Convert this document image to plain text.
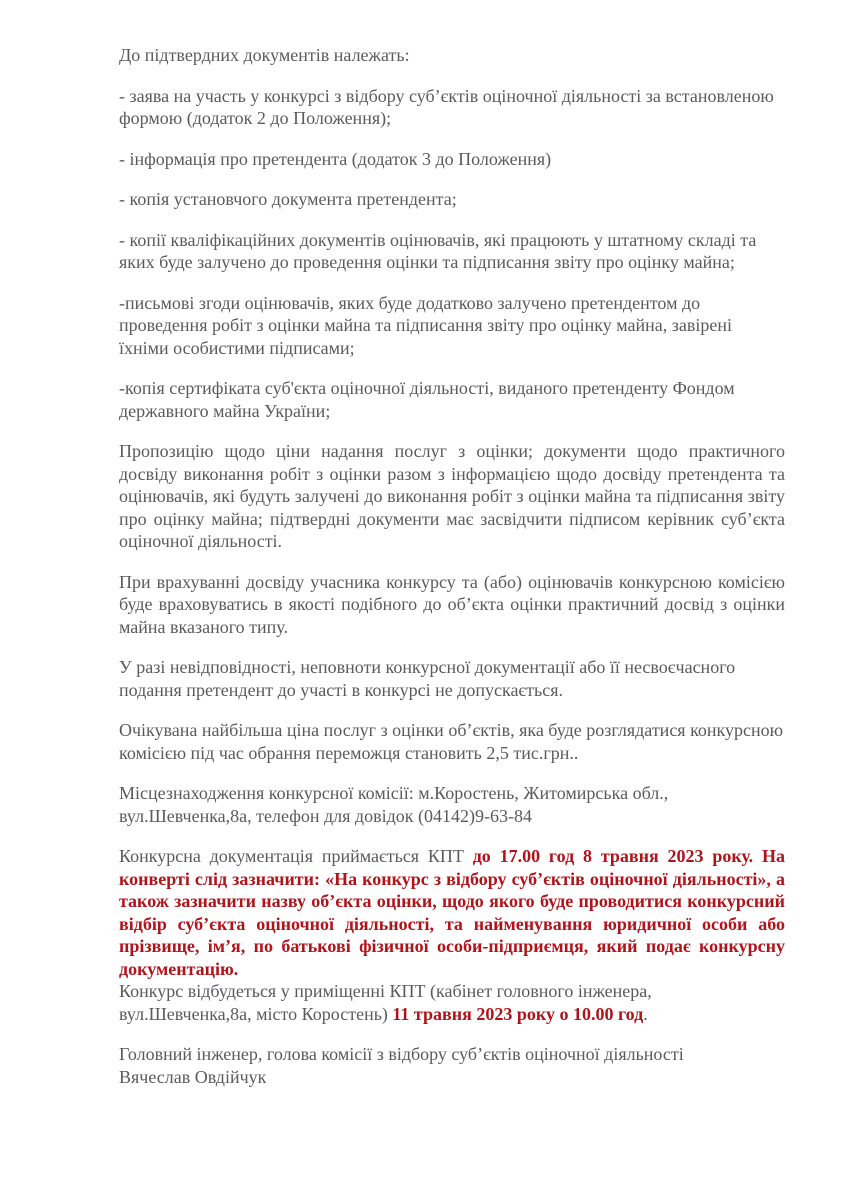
До підтвердних документів належать:

- заява на участь у конкурсі з відбору суб’єктів оціночної діяльності за встановленою формою (додаток 2 до Положення);

- інформація про претендента (додаток 3 до Положення)

- копія установчого документа претендента;

- копії кваліфікаційних документів оцінювачів, які працюють у штатному складі та яких буде залучено до проведення оцінки та підписання звіту про оцінку майна;

-письмові згоди оцінювачів, яких буде додатково залучено претендентом до проведення робіт з оцінки майна та підписання звіту про оцінку майна, завірені їхніми особистими підписами;

-копія сертифіката суб'єкта оціночної діяльності, виданого претенденту Фондом державного майна України;

Пропозицію щодо ціни надання послуг з оцінки; документи щодо практичного досвіду виконання робіт з оцінки разом з інформацією щодо досвіду претендента та оцінювачів, які будуть залучені до виконання робіт з оцінки майна та підписання звіту про оцінку майна; підтвердні документи має засвідчити підписом керівник суб’єкта оціночної діяльності.

При врахуванні досвіду учасника конкурсу та (або) оцінювачів конкурсною комісією буде враховуватись в якості подібного до об’єкта оцінки практичний досвід з оцінки майна вказаного типу.

У разі невідповідності, неповноти конкурсної документації або її несвоєчасного подання претендент до участі в конкурсі не допускається.

Очікувана найбільша ціна послуг з оцінки об’єктів, яка буде розглядатися конкурсною комісією під час обрання переможця становить 2,5 тис.грн..

Місцезнаходження конкурсної комісії: м.Коростень, Житомирська обл., вул.Шевченка,8а, телефон для довідок (04142)9-63-84

Конкурсна документація приймається КПТ до 17.00 год 8 травня 2023 року. На конверті слід зазначити: «На конкурс з відбору суб’єктів оціночної діяльності», а також зазначити назву об’єкта оцінки, щодо якого буде проводитися конкурсний відбір суб’єкта оціночної діяльності, та найменування юридичної особи або прізвище, ім’я, по батькові фізичної особи-підприємця, який подає конкурсну документацію.

Конкурс відбудеться у приміщенні КПТ (кабінет головного інженера, вул.Шевченка,8а, місто Коростень) 11 травня 2023 року о 10.00 год.

Головний інженер, голова комісії з відбору суб’єктів оціночної діяльності

Вячеслав Овдійчук
